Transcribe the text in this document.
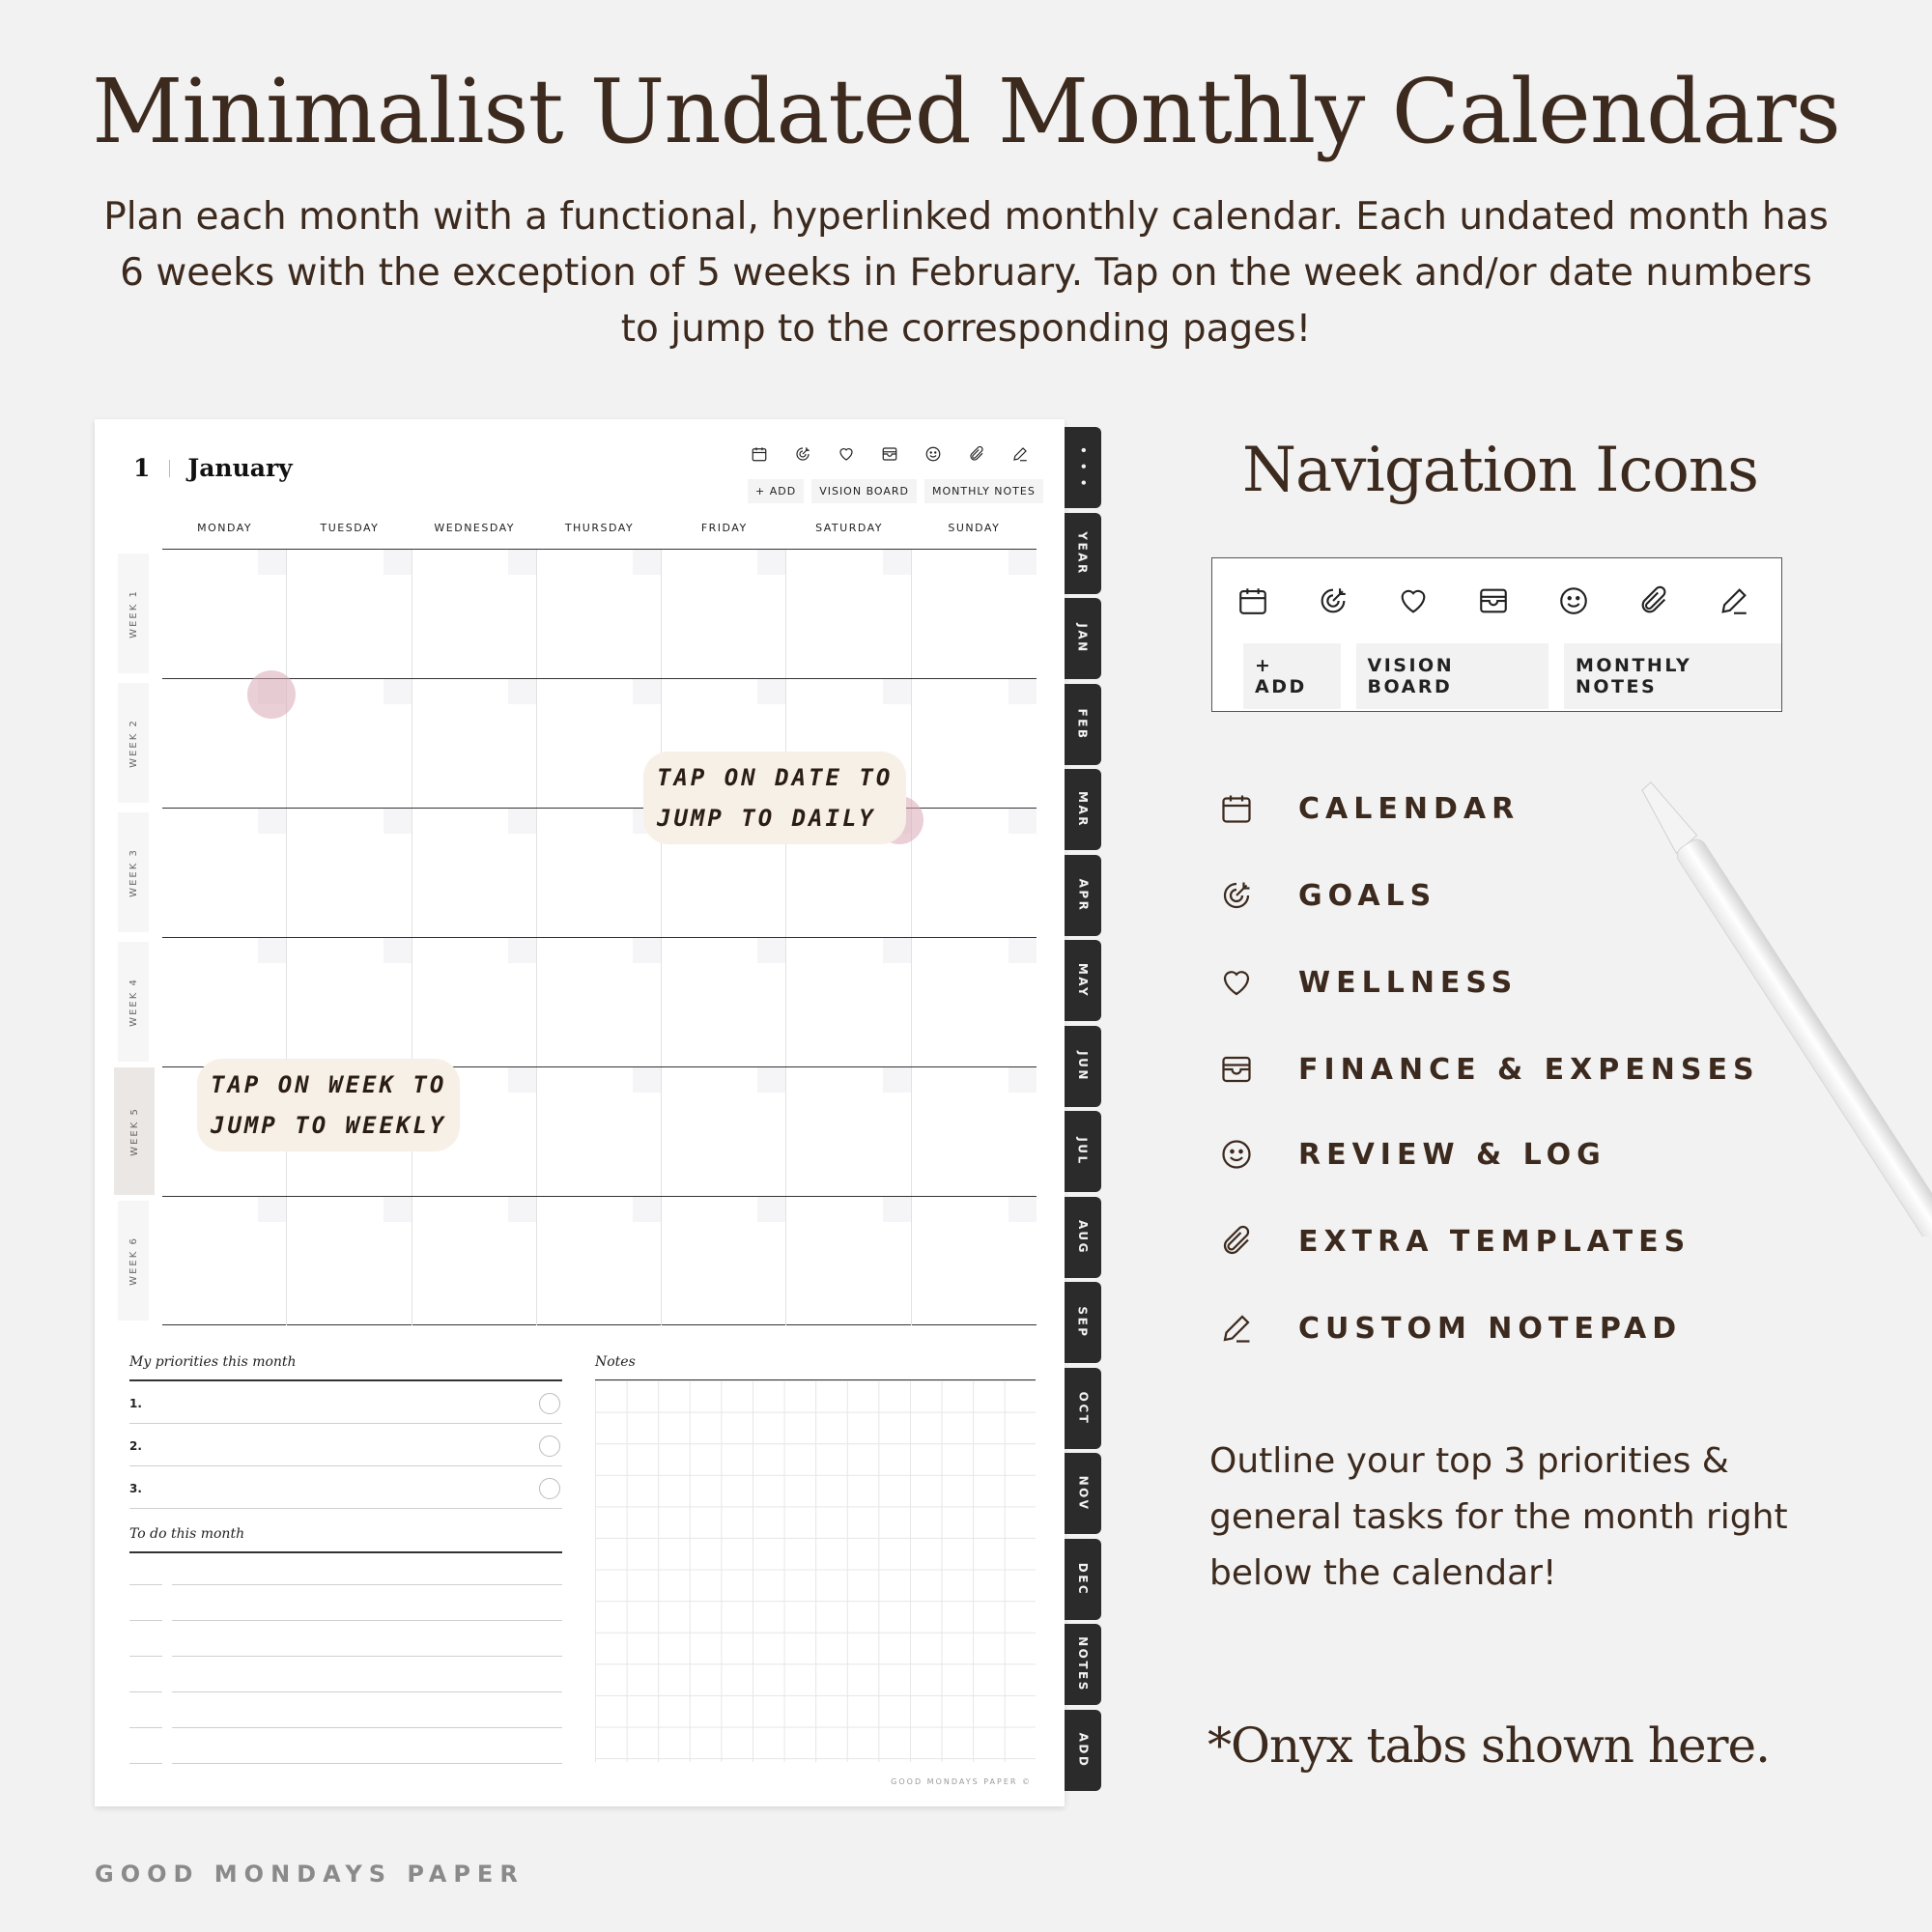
Minimalist Undated Monthly Calendars
Plan each month with a functional, hyperlinked monthly calendar. Each undated month has 6 weeks with the exception of 5 weeks in February. Tap on the week and/or date numbers to jump to the corresponding pages!
1 January
+ ADD	VISION BOARD	MONTHLY NOTES
MONDAY	TUESDAY	WEDNESDAY	THURSDAY	FRIDAY	SATURDAY	SUNDAY
WEEK 1
WEEK 2
WEEK 3
WEEK 4
WEEK 5
WEEK 6
TAP ON DATE TO
JUMP TO DAILY
TAP ON WEEK TO
JUMP TO WEEKLY
My priorities this month
1.
2.
3.
To do this month
Notes
GOOD MONDAYS PAPER ©
• • •
YEAR
JAN
FEB
MAR
APR
MAY
JUN
JUL
AUG
SEP
OCT
NOV
DEC
NOTES
ADD
Navigation Icons
+ ADD
VISION BOARD
MONTHLY NOTES
CALENDAR
GOALS
WELLNESS
FINANCE & EXPENSES
REVIEW & LOG
EXTRA TEMPLATES
CUSTOM NOTEPAD
Outline your top 3 priorities & general tasks for the month right below the calendar!
*Onyx tabs shown here.
GOOD MONDAYS PAPER
